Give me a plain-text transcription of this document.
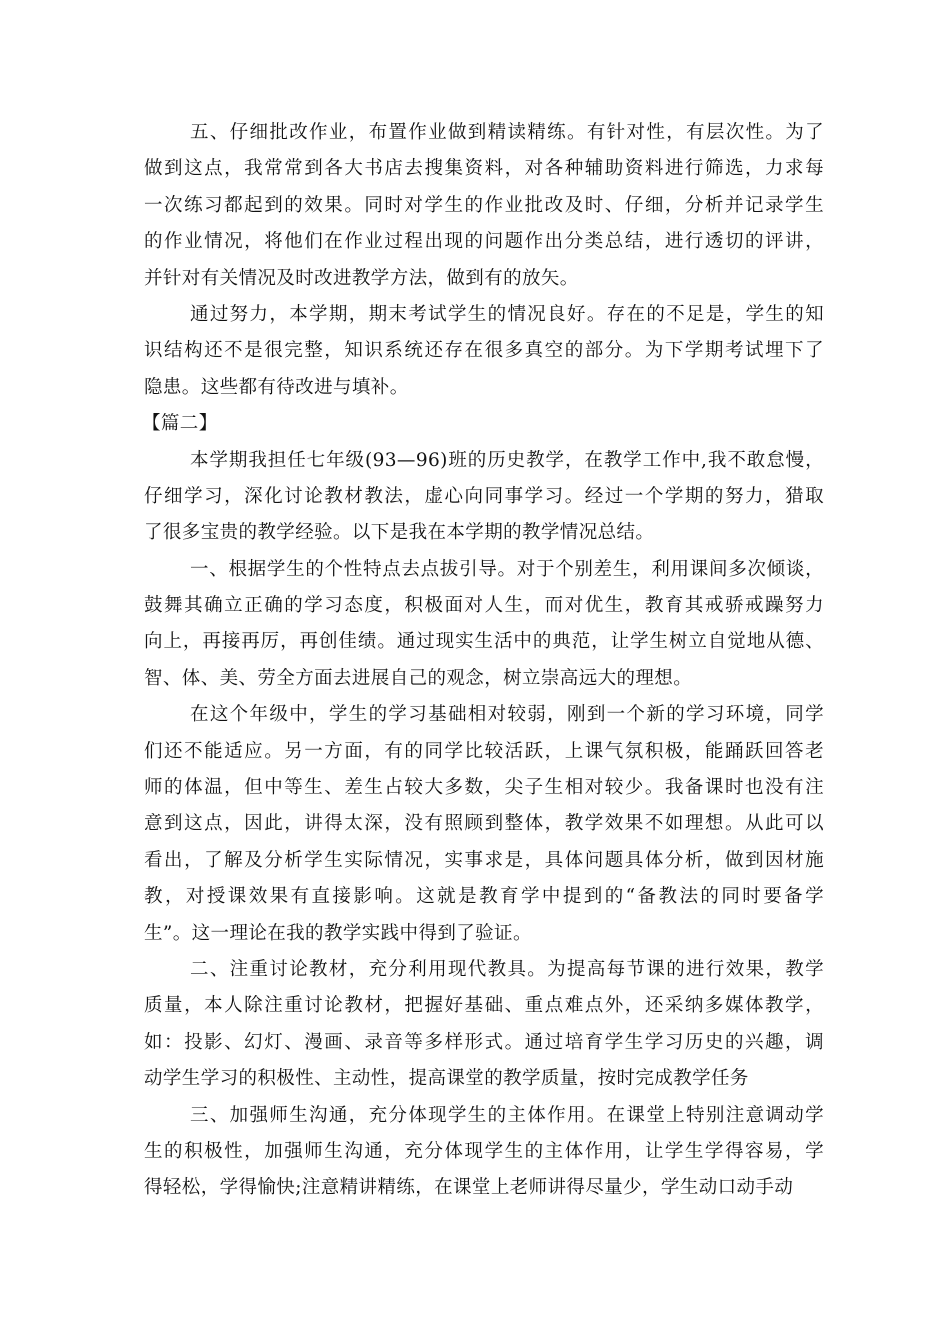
五、仔细批改作业，布置作业做到精读精练。有针对性，有层次性。为了
做到这点，我常常到各大书店去搜集资料，对各种辅助资料进行筛选，力求每
一次练习都起到的效果。同时对学生的作业批改及时、仔细，分析并记录学生
的作业情况，将他们在作业过程出现的问题作出分类总结，进行透切的评讲，
并针对有关情况及时改进教学方法，做到有的放矢。
通过努力，本学期，期末考试学生的情况良好。存在的不足是，学生的知
识结构还不是很完整，知识系统还存在很多真空的部分。为下学期考试埋下了
隐患。这些都有待改进与填补。
【篇二】
本学期我担任七年级(93—96)班的历史教学，在教学工作中,我不敢怠慢，
仔细学习，深化讨论教材教法，虚心向同事学习。经过一个学期的努力，猎取
了很多宝贵的教学经验。以下是我在本学期的教学情况总结。
一、根据学生的个性特点去点拔引导。对于个别差生，利用课间多次倾谈，
鼓舞其确立正确的学习态度，积极面对人生，而对优生，教育其戒骄戒躁努力
向上，再接再厉，再创佳绩。通过现实生活中的典范，让学生树立自觉地从德、
智、体、美、劳全方面去进展自己的观念，树立崇高远大的理想。
在这个年级中，学生的学习基础相对较弱，刚到一个新的学习环境，同学
们还不能适应。另一方面，有的同学比较活跃，上课气氛积极，能踊跃回答老
师的体温，但中等生、差生占较大多数，尖子生相对较少。我备课时也没有注
意到这点，因此，讲得太深，没有照顾到整体，教学效果不如理想。从此可以
看出，了解及分析学生实际情况，实事求是，具体问题具体分析，做到因材施
教，对授课效果有直接影响。这就是教育学中提到的“备教法的同时要备学
生”。这一理论在我的教学实践中得到了验证。
二、注重讨论教材，充分利用现代教具。为提高每节课的进行效果，教学
质量，本人除注重讨论教材，把握好基础、重点难点外，还采纳多媒体教学，
如：投影、幻灯、漫画、录音等多样形式。通过培育学生学习历史的兴趣，调
动学生学习的积极性、主动性，提高课堂的教学质量，按时完成教学任务
三、加强师生沟通，充分体现学生的主体作用。在课堂上特别注意调动学
生的积极性，加强师生沟通，充分体现学生的主体作用，让学生学得容易，学
得轻松，学得愉快;注意精讲精练，在课堂上老师讲得尽量少，学生动口动手动
